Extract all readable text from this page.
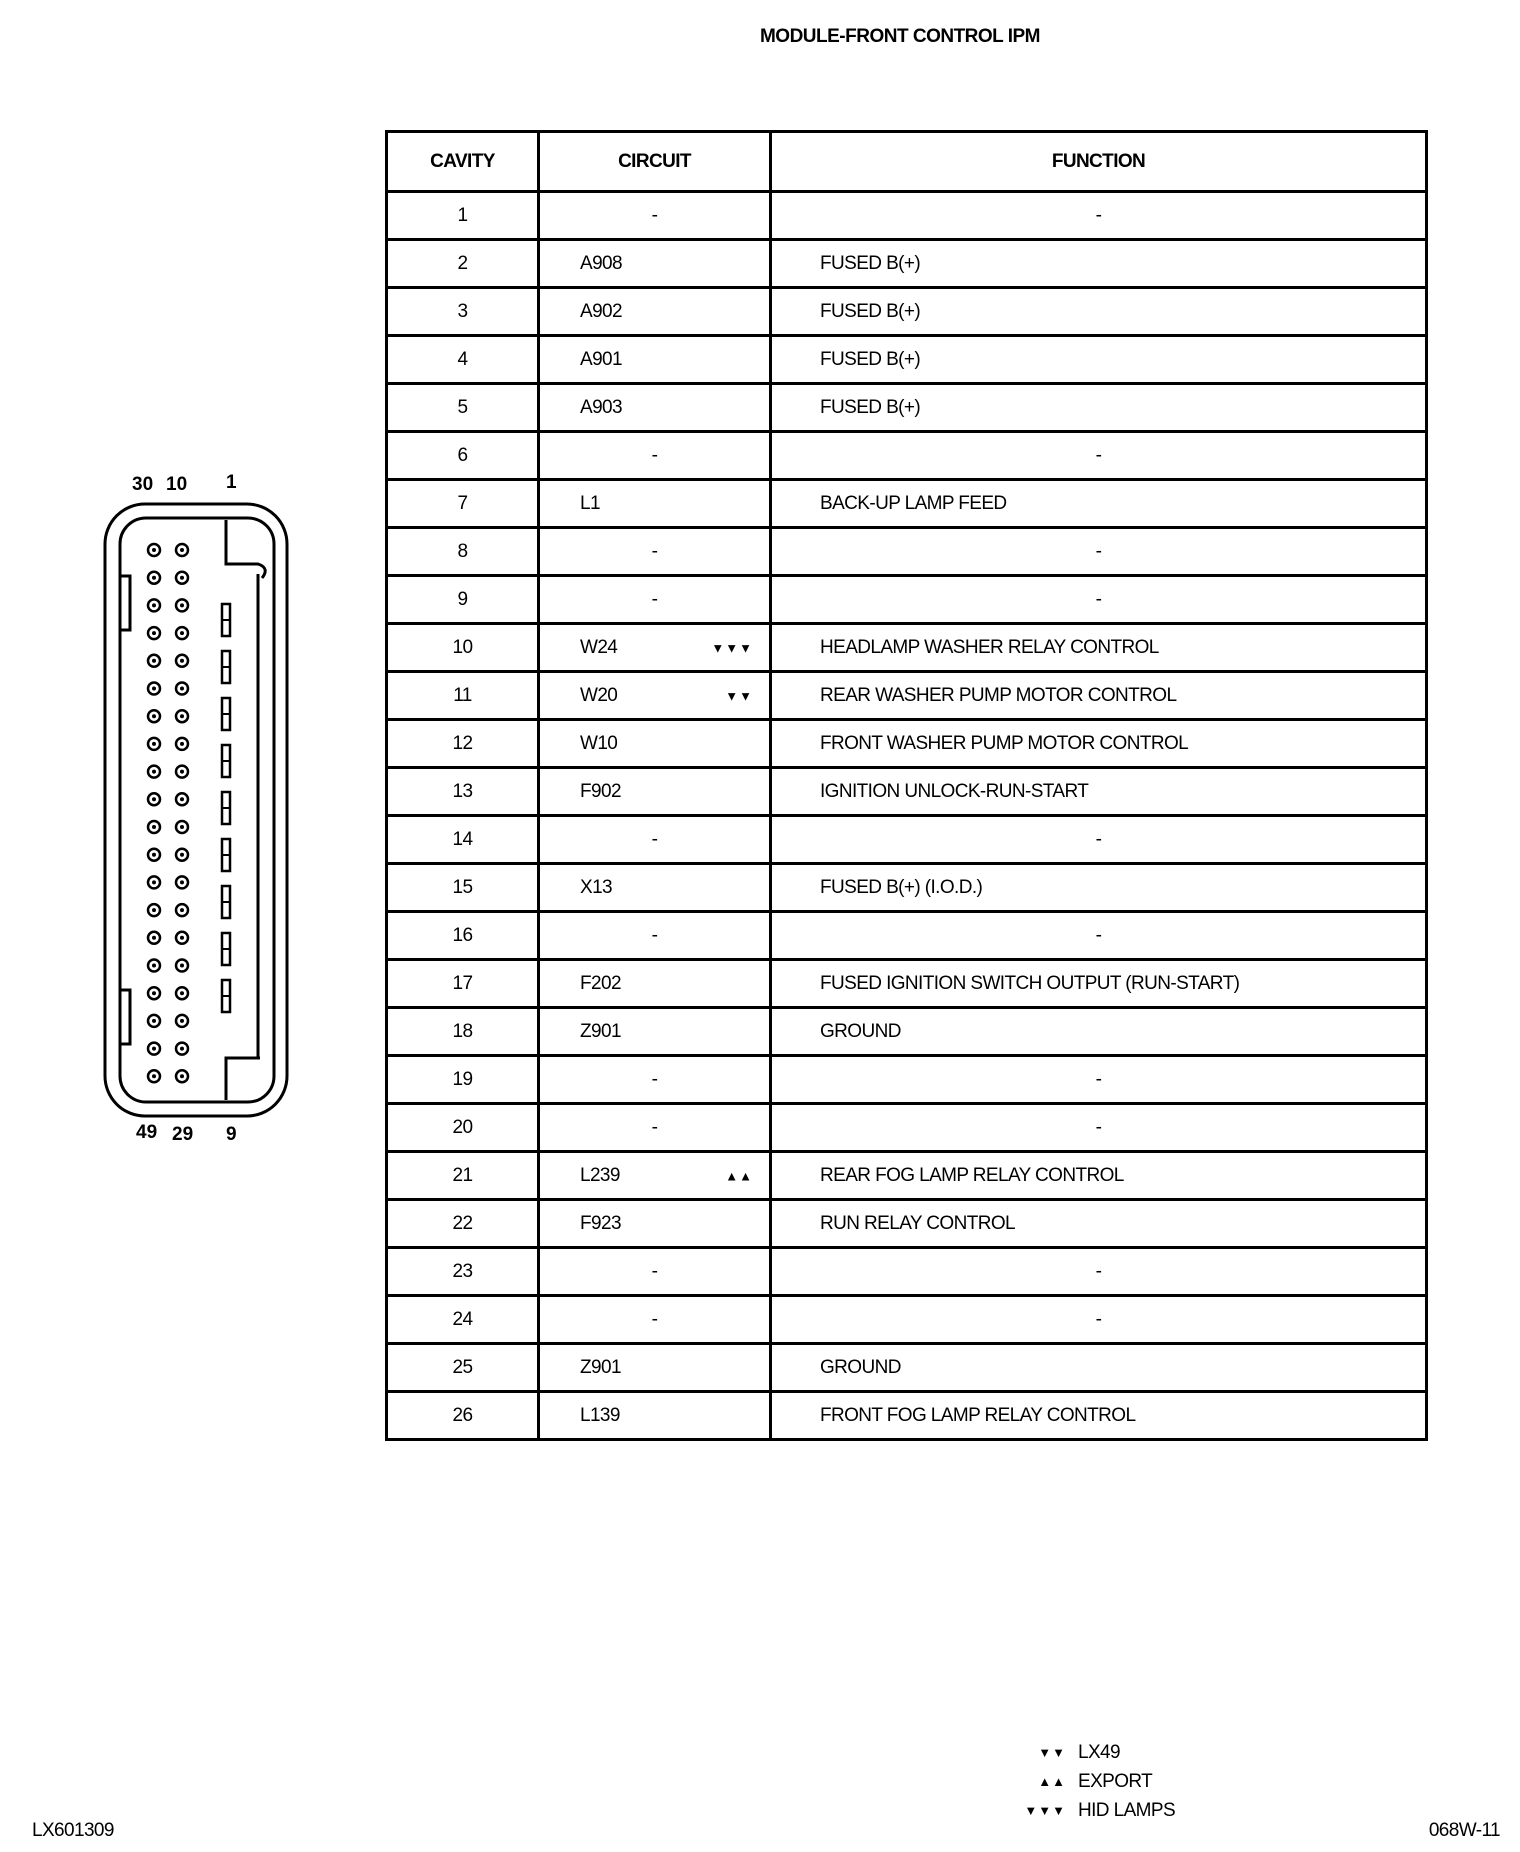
MODULE-FRONT CONTROL IPM
30 10 1
49 29 9
CAVITY	CIRCUIT	FUNCTION
1	-	-
2	A908	FUSED B(+)
3	A902	FUSED B(+)
4	A901	FUSED B(+)
5	A903	FUSED B(+)
6	-	-
7	L1	BACK-UP LAMP FEED
8	-	-
9	-	-
10	W24 ▼▼▼	HEADLAMP WASHER RELAY CONTROL
11	W20 ▼▼	REAR WASHER PUMP MOTOR CONTROL
12	W10	FRONT WASHER PUMP MOTOR CONTROL
13	F902	IGNITION UNLOCK-RUN-START
14	-	-
15	X13	FUSED B(+) (I.O.D.)
16	-	-
17	F202	FUSED IGNITION SWITCH OUTPUT (RUN-START)
18	Z901	GROUND
19	-	-
20	-	-
21	L239 ▲▲	REAR FOG LAMP RELAY CONTROL
22	F923	RUN RELAY CONTROL
23	-	-
24	-	-
25	Z901	GROUND
26	L139	FRONT FOG LAMP RELAY CONTROL
▼▼ LX49
▲▲ EXPORT
▼▼▼ HID LAMPS
LX601309	068W-11
